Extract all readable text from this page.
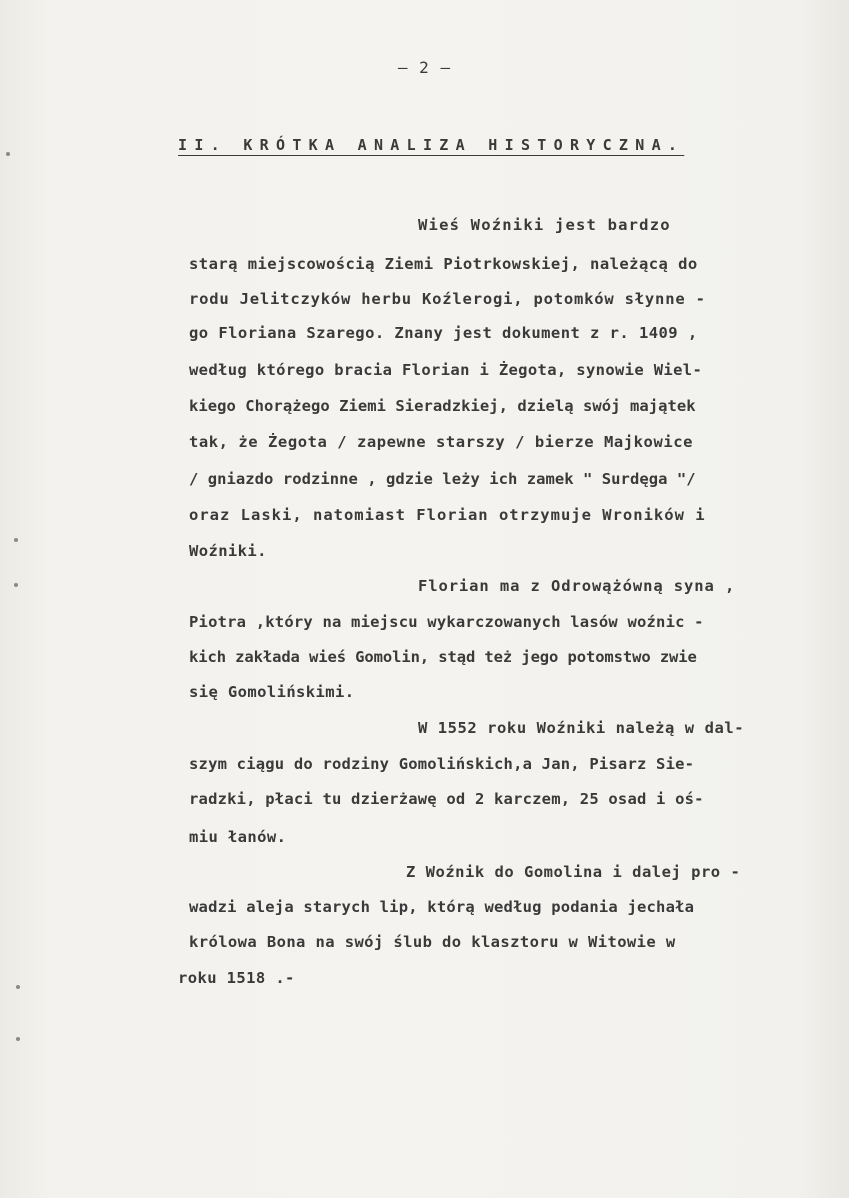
— 2 —
II. KRÓTKA ANALIZA HISTORYCZNA.
Wieś Woźniki jest bardzo
starą miejscowością Ziemi Piotrkowskiej, należącą do
rodu Jelitczyków herbu Koźlerogi, potomków słynne -
go Floriana Szarego. Znany jest dokument z r. 1409 ,
według którego bracia Florian i Żegota, synowie Wiel-
kiego Chorążego Ziemi Sieradzkiej, dzielą swój majątek
tak, że Żegota / zapewne starszy / bierze Majkowice
/ gniazdo rodzinne , gdzie leży ich zamek " Surdęga "/
oraz Laski, natomiast Florian otrzymuje Wroników i
Woźniki.
Florian ma z Odrowążówną syna ,
Piotra ,który na miejscu wykarczowanych lasów woźnic -
kich zakłada wieś Gomolin, stąd też jego potomstwo zwie
się Gomolińskimi.
W 1552 roku Woźniki należą w dal-
szym ciągu do rodziny Gomolińskich,a Jan, Pisarz Sie-
radzki, płaci tu dzierżawę od 2 karczem, 25 osad i oś-
miu łanów.
Z Woźnik do Gomolina i dalej pro -
wadzi aleja starych lip, którą według podania jechała
królowa Bona na swój ślub do klasztoru w Witowie w
roku 1518 .-
